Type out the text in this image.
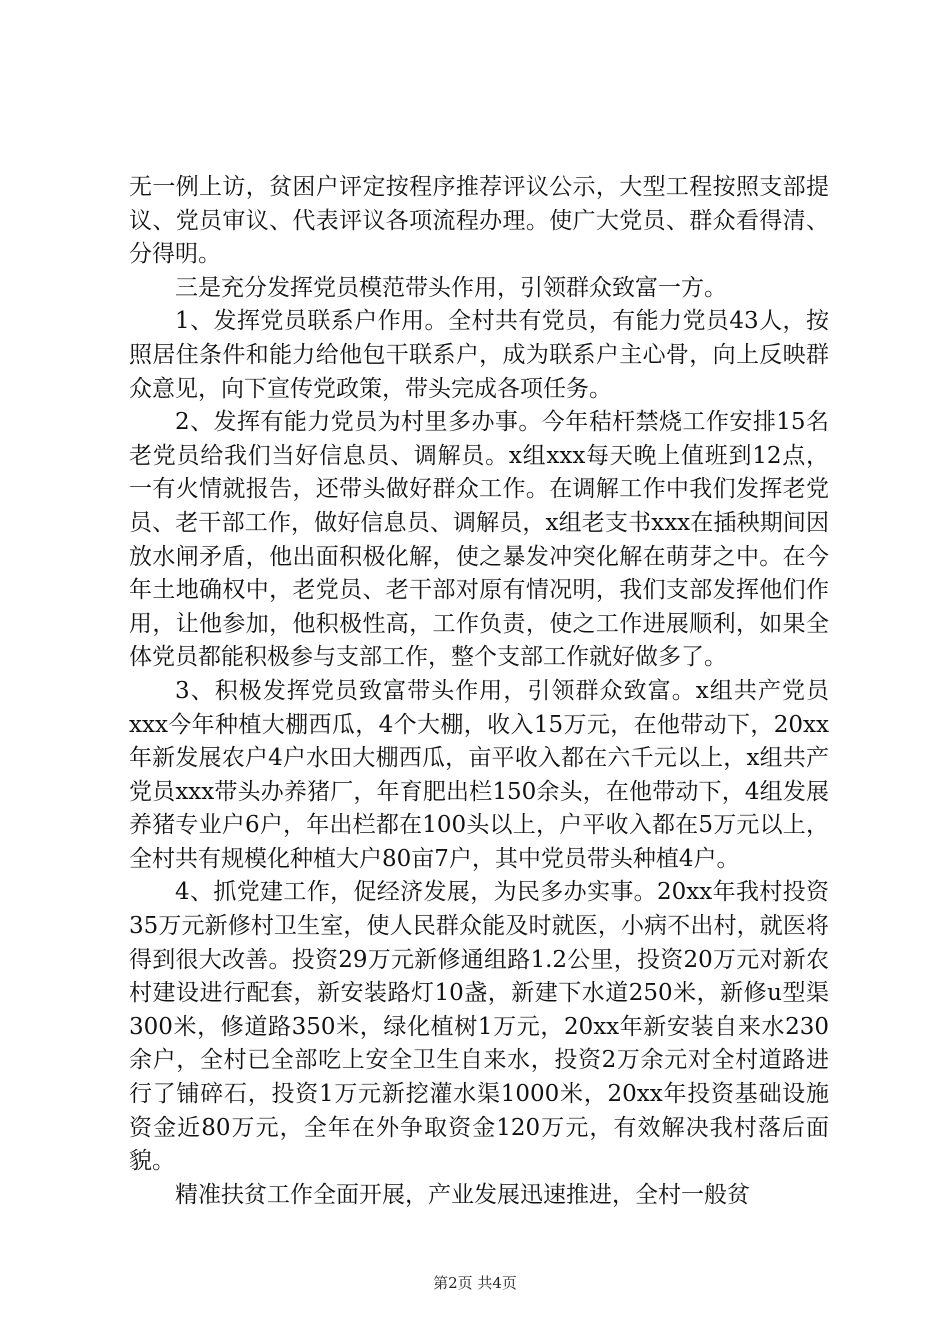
无一例上访，贫困户评定按程序推荐评议公示，大型工程按照支部提议、党员审议、代表评议各项流程办理。使广大党员、群众看得清、分得明。

三是充分发挥党员模范带头作用，引领群众致富一方。

1、发挥党员联系户作用。全村共有党员，有能力党员43人，按照居住条件和能力给他包干联系户，成为联系户主心骨，向上反映群众意见，向下宣传党政策，带头完成各项任务。

2、发挥有能力党员为村里多办事。今年秸杆禁烧工作安排15名老党员给我们当好信息员、调解员。x组xxx每天晚上值班到12点，一有火情就报告，还带头做好群众工作。在调解工作中我们发挥老党员、老干部工作，做好信息员、调解员，x组老支书xxx在插秧期间因放水闸矛盾，他出面积极化解，使之暴发冲突化解在萌芽之中。在今年土地确权中，老党员、老干部对原有情况明，我们支部发挥他们作用，让他参加，他积极性高，工作负责，使之工作进展顺利，如果全体党员都能积极参与支部工作，整个支部工作就好做多了。

3、积极发挥党员致富带头作用，引领群众致富。x组共产党员xxx今年种植大棚西瓜，4个大棚，收入15万元，在他带动下，20xx年新发展农户4户水田大棚西瓜，亩平收入都在六千元以上，x组共产党员xxx带头办养猪厂，年育肥出栏150余头，在他带动下，4组发展养猪专业户6户，年出栏都在100头以上，户平收入都在5万元以上，全村共有规模化种植大户80亩7户，其中党员带头种植4户。

4、抓党建工作，促经济发展，为民多办实事。20xx年我村投资35万元新修村卫生室，使人民群众能及时就医，小病不出村，就医将得到很大改善。投资29万元新修通组路1.2公里，投资20万元对新农村建设进行配套，新安装路灯10盏，新建下水道250米，新修u型渠300米，修道路350米，绿化植树1万元，20xx年新安装自来水230余户，全村已全部吃上安全卫生自来水，投资2万余元对全村道路进行了铺碎石，投资1万元新挖灌水渠1000米，20xx年投资基础设施资金近80万元，全年在外争取资金120万元，有效解决我村落后面貌。

精准扶贫工作全面开展，产业发展迅速推进，全村一般贫

第2页 共4页
